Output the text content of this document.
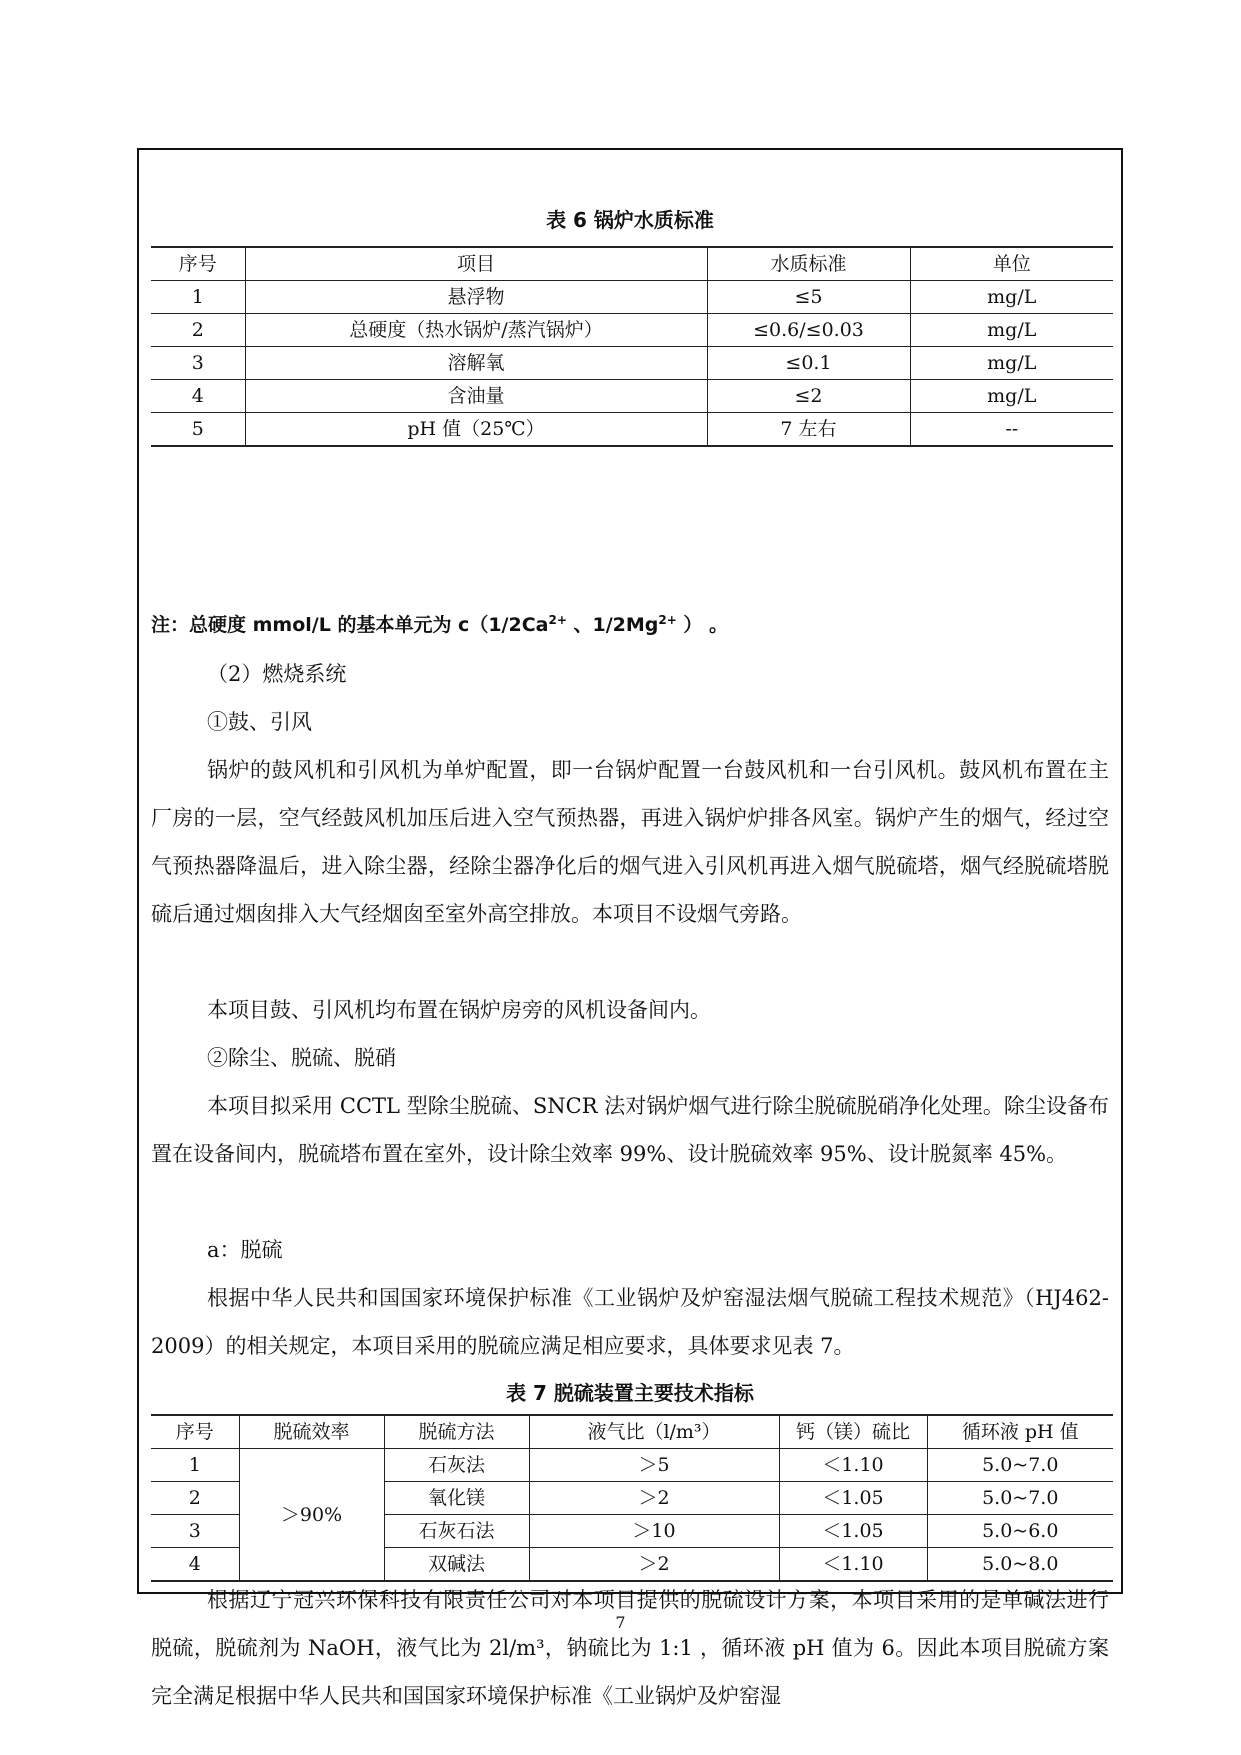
表 6 锅炉水质标准
序号	项目	水质标准	单位
1	悬浮物	≤5	mg/L
2	总硬度（热水锅炉/蒸汽锅炉）	≤0.6/≤0.03	mg/L
3	溶解氧	≤0.1	mg/L
4	含油量	≤2	mg/L
5	pH 值（25℃）	7 左右	--
注：总硬度 mmol/L 的基本单元为 $c(1/2Ca^{2+}$ 、$1/2Mg^{2+}$ ） 。

（2）燃烧系统

①鼓、引风

锅炉的鼓风机和引风机为单炉配置，即一台锅炉配置一台鼓风机和一台引风机。鼓风机布置在主厂房的一层，空气经鼓风机加压后进入空气预热器，再进入锅炉炉排各风室。锅炉产生的烟气，经过空气预热器降温后，进入除尘器，经除尘器净化后的烟气进入引风机再进入烟气脱硫塔，烟气经脱硫塔脱硫后通过烟囱排入大气经烟囱至室外高空排放。本项目不设烟气旁路。

本项目鼓、引风机均布置在锅炉房旁的风机设备间内。

②除尘、脱硫、脱硝

本项目拟采用 CCTL 型除尘脱硫、SNCR 法对锅炉烟气进行除尘脱硫脱硝净化处理。除尘设备布置在设备间内，脱硫塔布置在室外，设计除尘效率 99%、设计脱硫效率 95%、设计脱氮率 45%。

a：脱硫

表 7 脱硫装置主要技术指标

根据中华人民共和国国家环境保护标准《工业锅炉及炉窑湿法烟气脱硫工程技术规范》（HJ462-2009）的相关规定，本项目采用的脱硫应满足相应要求，具体要求见表 7。

序号	脱硫效率	脱硫方法	液气比（l/m³）	钙（镁）硫比	循环液 pH 值
1	＞90%	石灰法	＞5	＜1.10	5.0~7.0
2		氧化镁	＞2	＜1.05	5.0~7.0
3		石灰石法	＞10	＜1.05	5.0~6.0
4		双碱法	＞2	＜1.10	5.0~8.0

根据辽宁冠兴环保科技有限责任公司对本项目提供的脱硫设计方案，本项目采用的是单碱法进行脱硫，脱硫剂为 NaOH，液气比为 2l/m³，钠硫比为 1:1 ，循环液 pH 值为 6。因此本项目脱硫方案完全满足根据中华人民共和国国家环境保护标准《工业锅炉及炉窑湿

7
